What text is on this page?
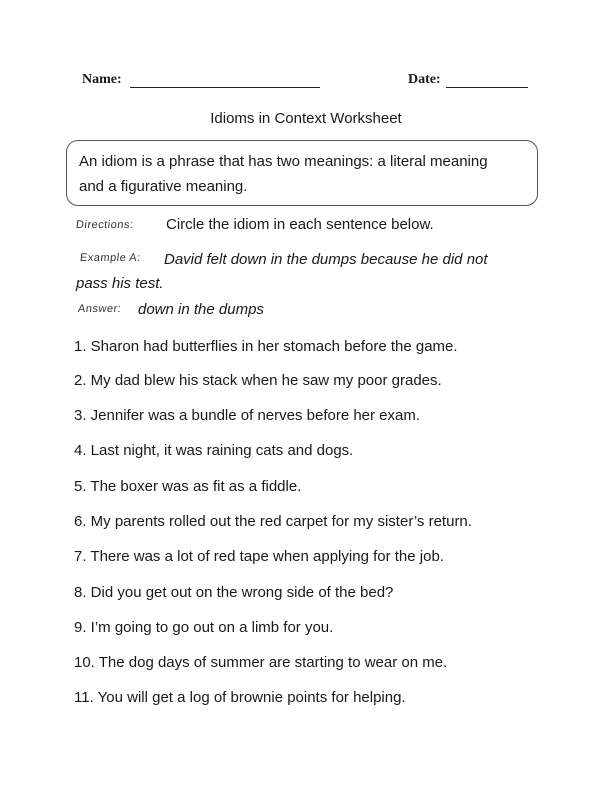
Name:	Date:
Idioms in Context Worksheet
An idiom is a phrase that has two meanings: a literal meaning
and a figurative meaning.
Directions: Circle the idiom in each sentence below.
Example A: David felt down in the dumps because he did not
pass his test.
Answer: down in the dumps
1. Sharon had butterflies in her stomach before the game.
2. My dad blew his stack when he saw my poor grades.
3. Jennifer was a bundle of nerves before her exam.
4. Last night, it was raining cats and dogs.
5. The boxer was as fit as a fiddle.
6. My parents rolled out the red carpet for my sister’s return.
7. There was a lot of red tape when applying for the job.
8. Did you get out on the wrong side of the bed?
9. I’m going to go out on a limb for you.
10. The dog days of summer are starting to wear on me.
11. You will get a log of brownie points for helping.
